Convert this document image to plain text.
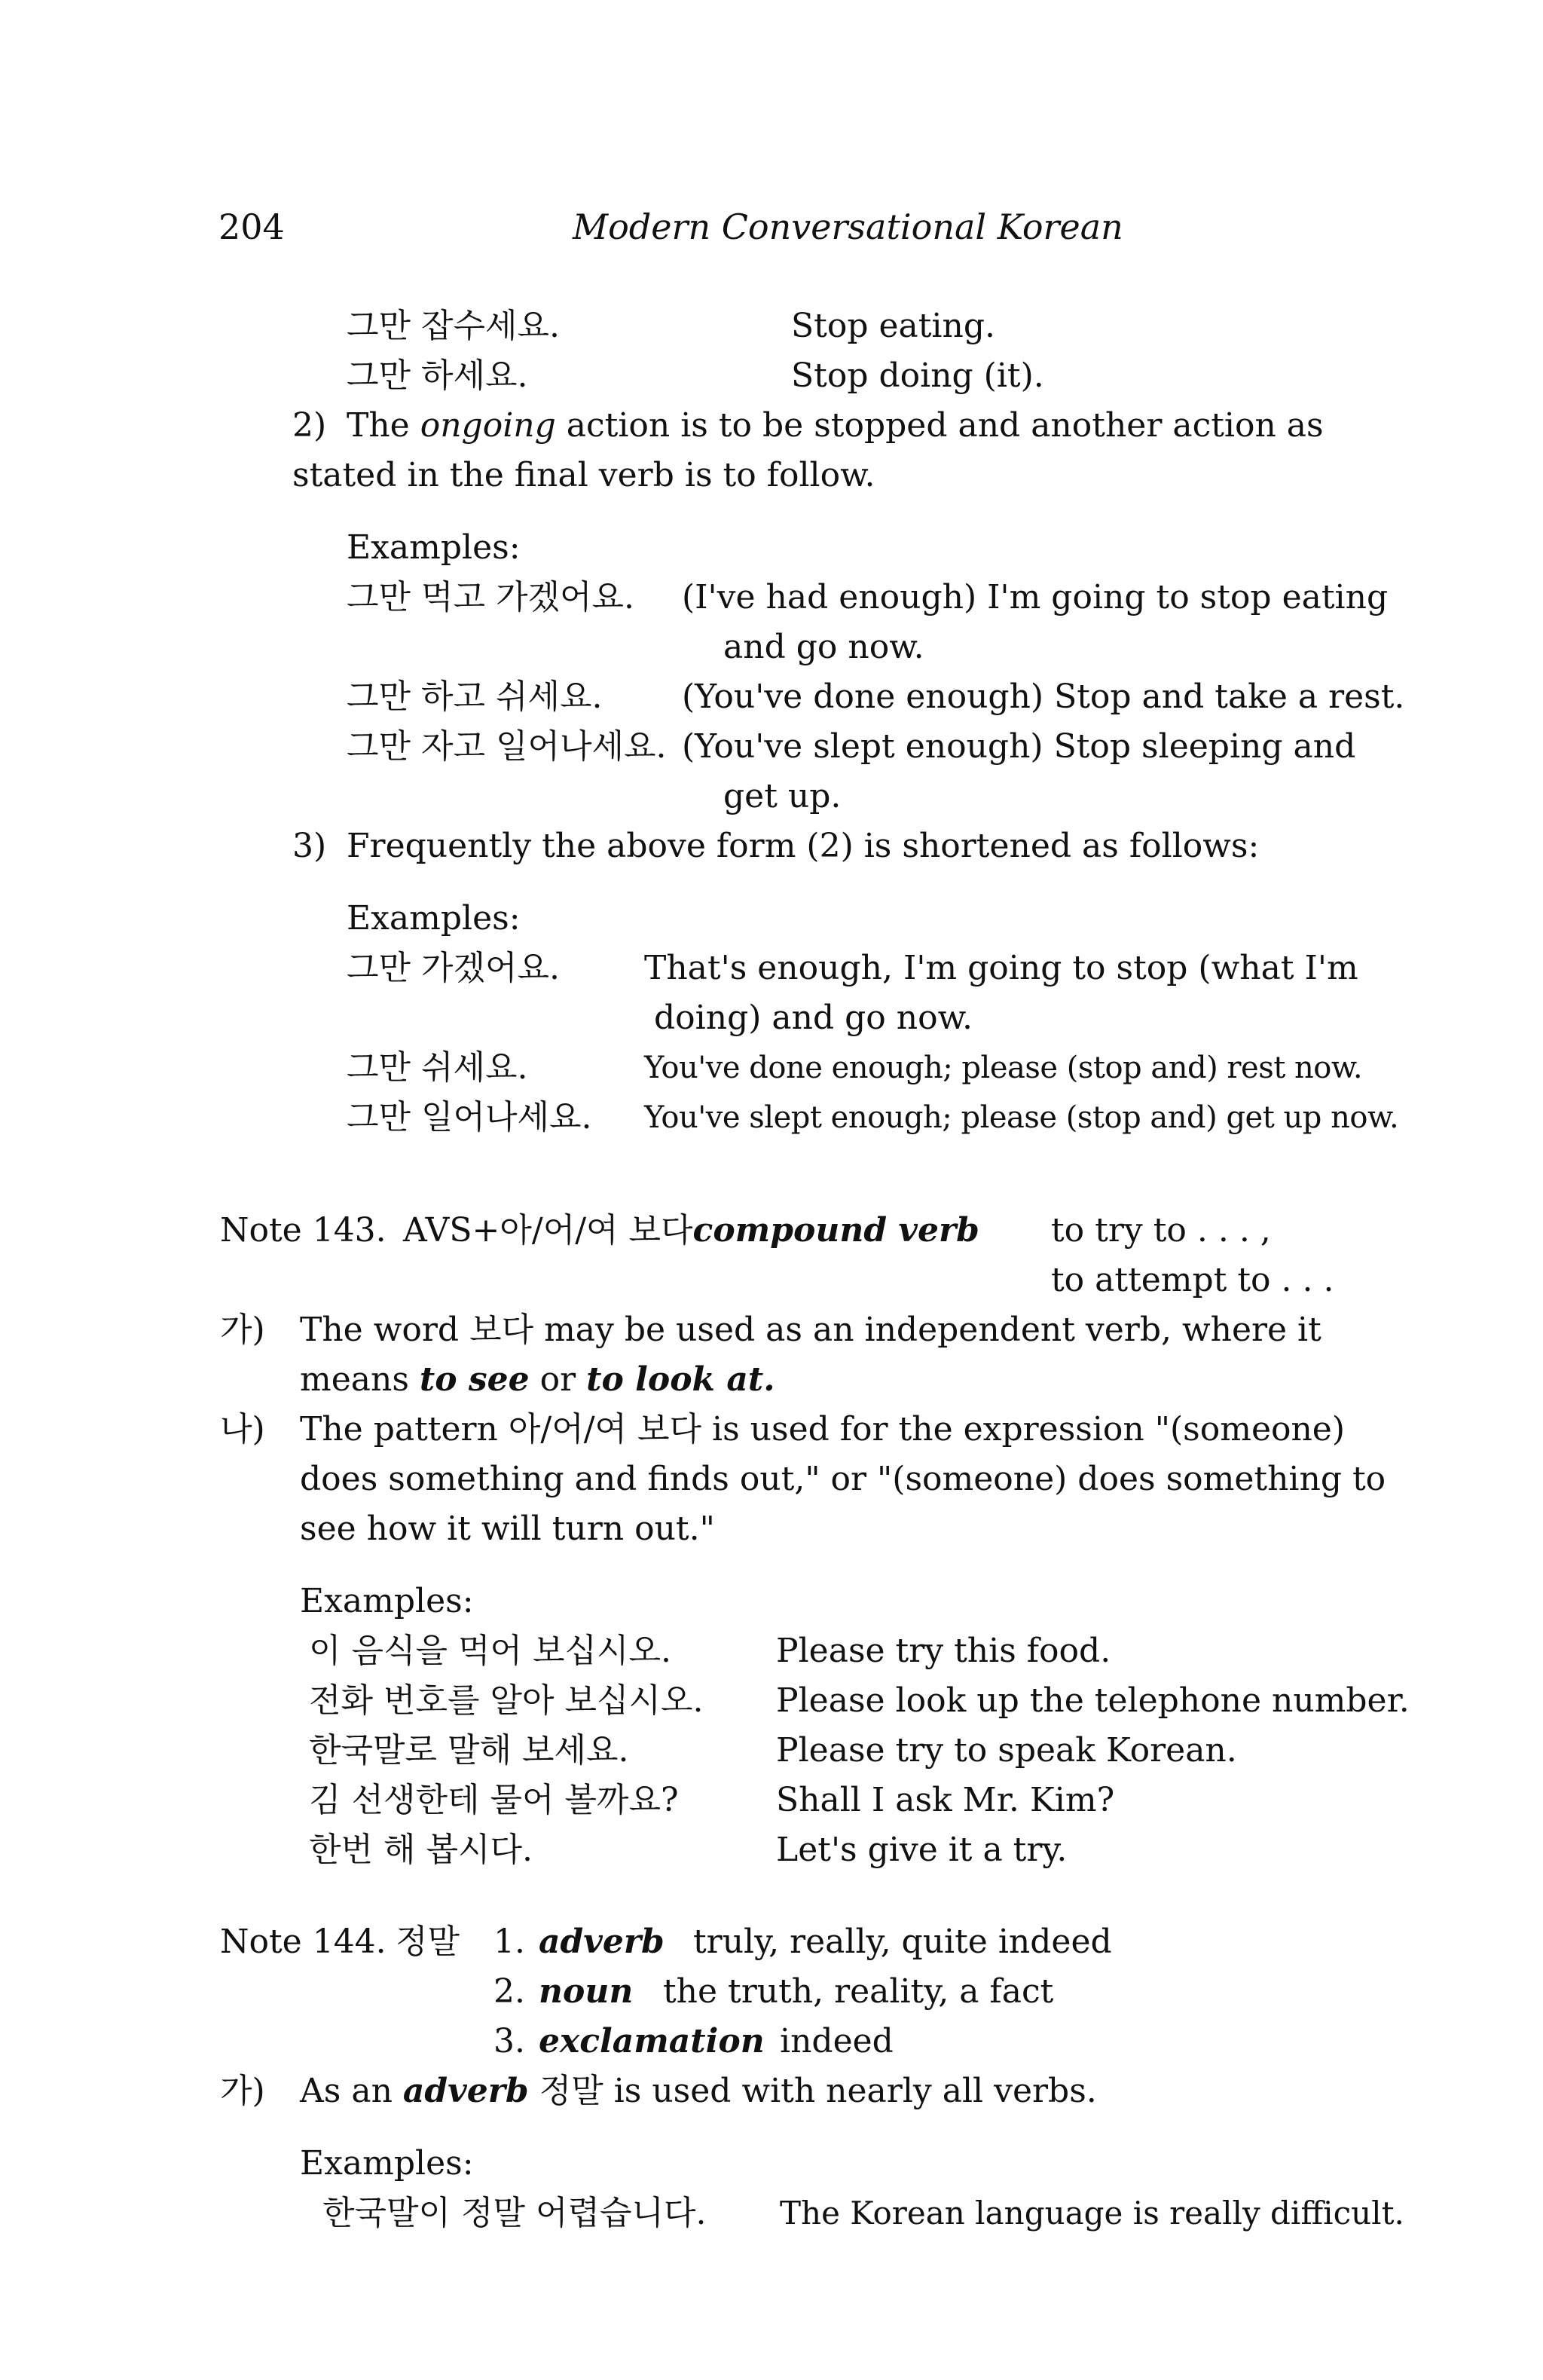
204	Modern Conversational Korean
그만 잡수세요.	Stop eating.
그만 하세요.	Stop doing (it).
2) The ongoing action is to be stopped and another action as
stated in the final verb is to follow.
Examples:
그만 먹고 가겠어요. (I've had enough) I'm going to stop eating
and go now.
그만 하고 쉬세요. (You've done enough) Stop and take a rest.
그만 자고 일어나세요. (You've slept enough) Stop sleeping and
get up.
3) Frequently the above form (2) is shortened as follows:
Examples:
그만 가겠어요.	That's enough, I'm going to stop (what I'm
doing) and go now.
그만 쉬세요.	You've done enough; please (stop and) rest now.
그만 일어나세요. You've slept enough; please (stop and) get up now.
Note 143. AVS+아/어/여 보다compound verb to try to . . . ,
to attempt to . . .
가) The word 보다 may be used as an independent verb, where it
means to see or to look at.
나) The pattern 아/어/여 보다 is used for the expression "(someone)
does something and finds out," or "(someone) does something to
see how it will turn out."
Examples:
이 음식을 먹어 보십시오.	Please try this food.
전화 번호를 알아 보십시오. Please look up the telephone number.
한국말로 말해 보세요.	Please try to speak Korean.
김 선생한테 물어 볼까요?	Shall I ask Mr. Kim?
한번 해 봅시다.	Let's give it a try.
Note 144. 정말 1. adverb truly, really, quite indeed
2. noun the truth, reality, a fact
3. exclamation indeed
가) As an adverb 정말 is used with nearly all verbs.
Examples:
한국말이 정말 어렵습니다. The Korean language is really difficult.
